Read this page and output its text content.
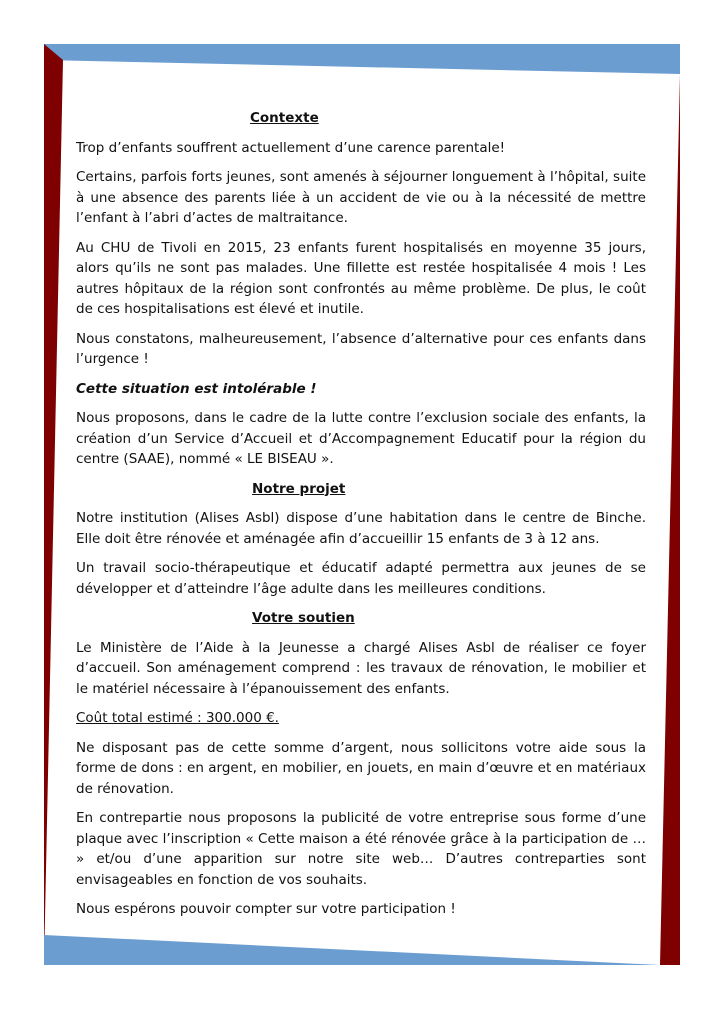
Contexte

Trop d’enfants souffrent actuellement d’une carence parentale!

Certains, parfois forts jeunes, sont amenés à séjourner longuement à l’hôpital, suite à une absence des parents liée à un accident de vie ou à la nécessité de mettre l’enfant à l’abri d’actes de maltraitance.

Au CHU de Tivoli en 2015, 23 enfants furent hospitalisés en moyenne 35 jours, alors qu’ils ne sont pas malades. Une fillette est restée hospitalisée 4 mois ! Les autres hôpitaux de la région sont confrontés au même problème. De plus, le coût de ces hospitalisations est élevé et inutile.

Nous constatons, malheureusement, l’absence d’alternative pour ces enfants dans l’urgence !

Cette situation est intolérable !

Nous proposons, dans le cadre de la lutte contre l’exclusion sociale des enfants, la création d’un Service d’Accueil et d’Accompagnement Educatif pour la région du centre (SAAE), nommé « LE BISEAU ».

Notre projet

Notre institution (Alises Asbl) dispose d’une habitation dans le centre de Binche. Elle doit être rénovée et aménagée afin d’accueillir 15 enfants de 3 à 12 ans.

Un travail socio-thérapeutique et éducatif adapté permettra aux jeunes de se développer et d’atteindre l’âge adulte dans les meilleures conditions.

Votre soutien

Le Ministère de l’Aide à la Jeunesse a chargé Alises Asbl de réaliser ce foyer d’accueil. Son aménagement comprend : les travaux de rénovation, le mobilier et le matériel nécessaire à l’épanouissement des enfants.

Coût total estimé : 300.000 €.

Ne disposant pas de cette somme d’argent, nous sollicitons votre aide sous la forme de dons : en argent, en mobilier, en jouets, en main d’œuvre et en matériaux de rénovation.

En contrepartie nous proposons la publicité de votre entreprise sous forme d’une plaque avec l’inscription « Cette maison a été rénovée grâce à la participation de … » et/ou d’une apparition sur notre site web… D’autres contreparties sont envisageables en fonction de vos souhaits.

Nous espérons pouvoir compter sur votre participation !
